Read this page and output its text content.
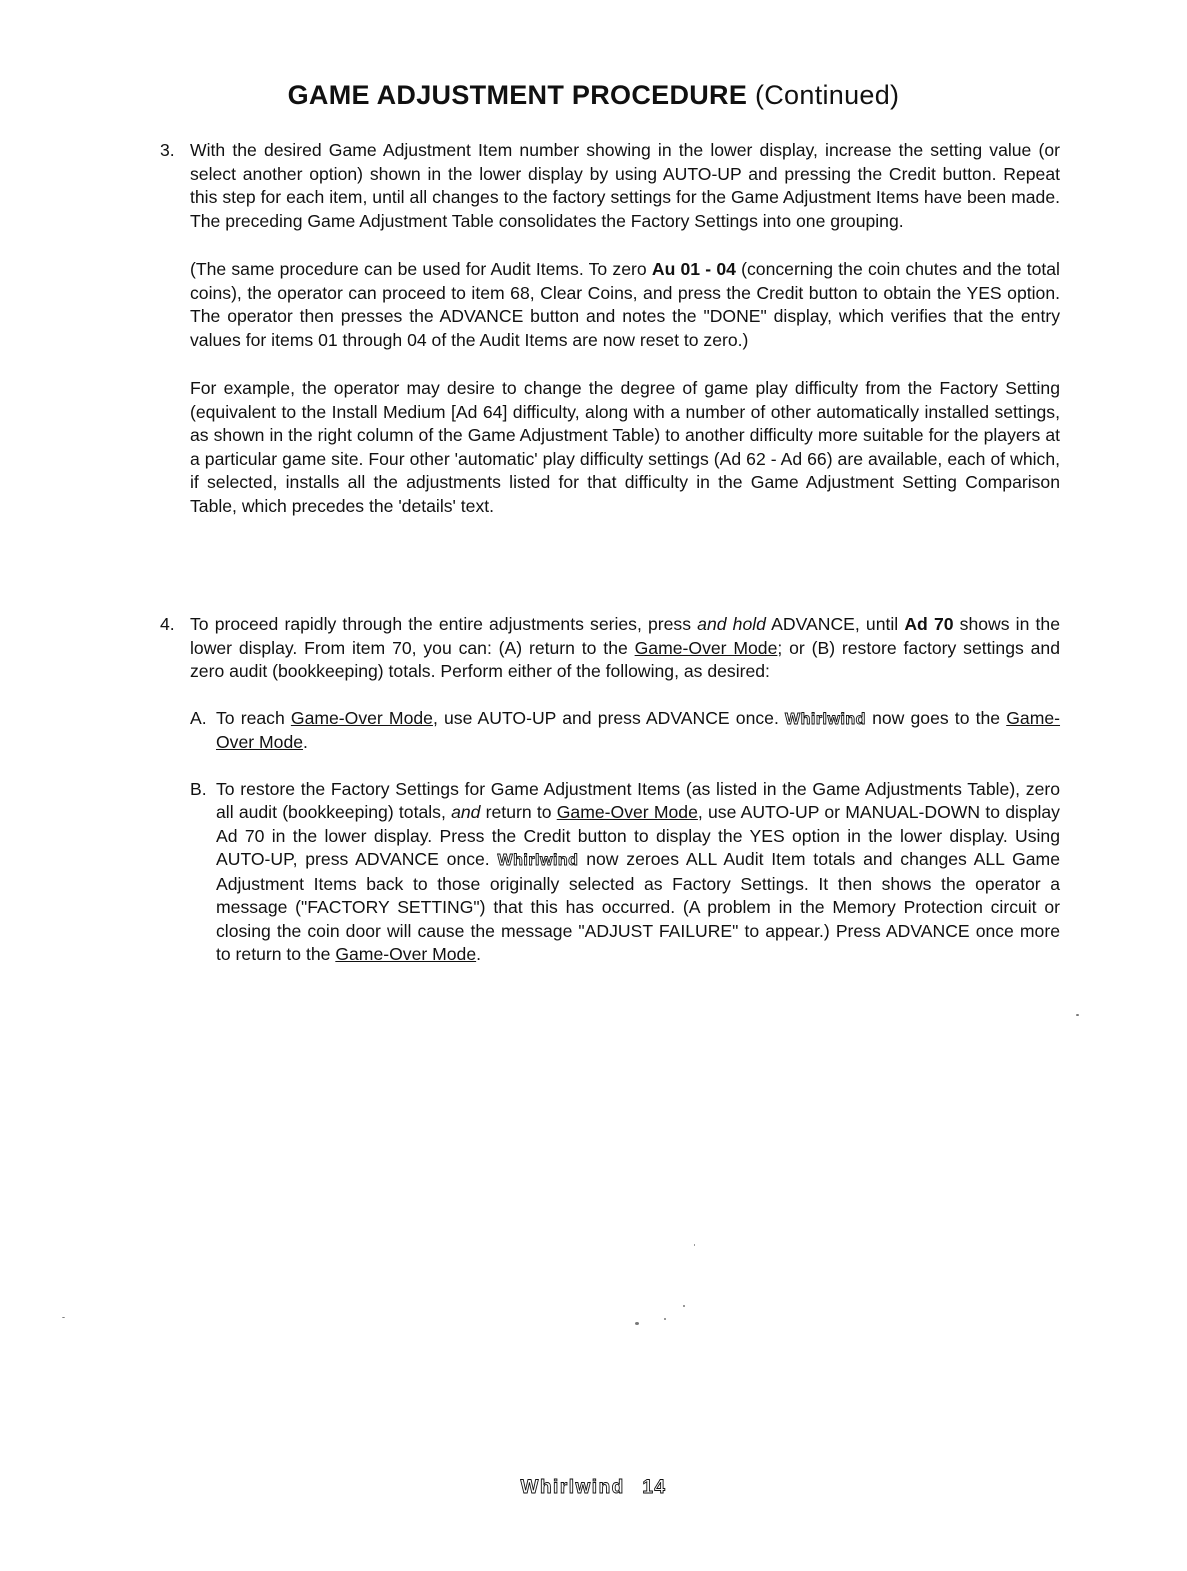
GAME ADJUSTMENT PROCEDURE (Continued)
3. With the desired Game Adjustment Item number showing in the lower display, increase the setting value (or select another option) shown in the lower display by using AUTO-UP and pressing the Credit button. Repeat this step for each item, until all changes to the factory settings for the Game Adjustment Items have been made. The preceding Game Adjustment Table consolidates the Factory Settings into one grouping.

(The same procedure can be used for Audit Items. To zero Au 01 - 04 (concerning the coin chutes and the total coins), the operator can proceed to item 68, Clear Coins, and press the Credit button to obtain the YES option. The operator then presses the ADVANCE button and notes the "DONE" display, which verifies that the entry values for items 01 through 04 of the Audit Items are now reset to zero.)

For example, the operator may desire to change the degree of game play difficulty from the Factory Setting (equivalent to the Install Medium [Ad 64] difficulty, along with a number of other automatically installed settings, as shown in the right column of the Game Adjustment Table) to another difficulty more suitable for the players at a particular game site. Four other 'automatic' play difficulty settings (Ad 62 - Ad 66) are available, each of which, if selected, installs all the adjustments listed for that difficulty in the Game Adjustment Setting Comparison Table, which precedes the 'details' text.

4. To proceed rapidly through the entire adjustments series, press and hold ADVANCE, until Ad 70 shows in the lower display. From item 70, you can: (A) return to the Game-Over Mode; or (B) restore factory settings and zero audit (bookkeeping) totals. Perform either of the following, as desired:

A. To reach Game-Over Mode, use AUTO-UP and press ADVANCE once. Whirlwind now goes to the Game-Over Mode.
B. To restore the Factory Settings for Game Adjustment Items (as listed in the Game Adjustments Table), zero all audit (bookkeeping) totals, and return to Game-Over Mode, use AUTO-UP or MANUAL-DOWN to display Ad 70 in the lower display. Press the Credit button to display the YES option in the lower display. Using AUTO-UP, press ADVANCE once. Whirlwind now zeroes ALL Audit Item totals and changes ALL Game Adjustment Items back to those originally selected as Factory Settings. It then shows the operator a message ("FACTORY SETTING") that this has occurred. (A problem in the Memory Protection circuit or closing the coin door will cause the message "ADJUST FAILURE" to appear.) Press ADVANCE once more to return to the Game-Over Mode.
Whirlwind 14
